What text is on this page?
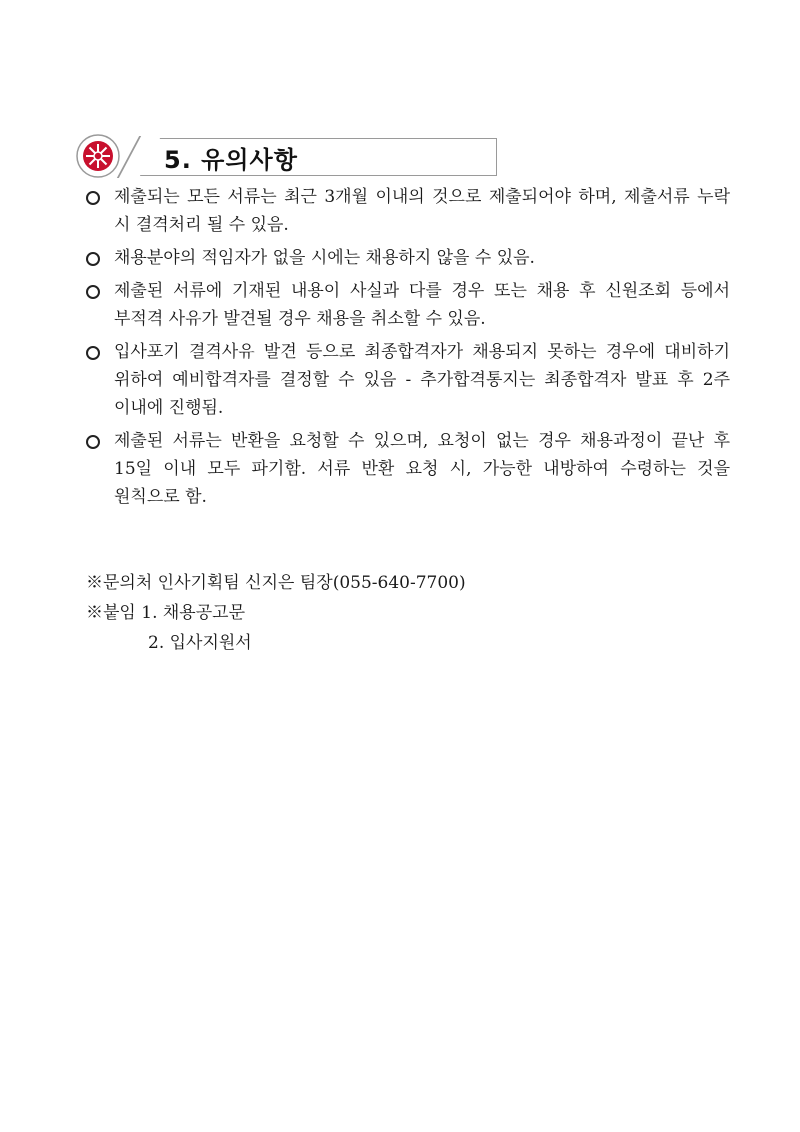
5. 유의사항
제출되는 모든 서류는 최근 3개월 이내의 것으로 제출되어야 하며, 제출서류 누락 시 결격처리 될 수 있음.
채용분야의 적임자가 없을 시에는 채용하지 않을 수 있음.
제출된 서류에 기재된 내용이 사실과 다를 경우 또는 채용 후 신원조회 등에서 부적격 사유가 발견될 경우 채용을 취소할 수 있음.
입사포기 결격사유 발견 등으로 최종합격자가 채용되지 못하는 경우에 대비하기 위하여 예비합격자를 결정할 수 있음 - 추가합격통지는 최종합격자 발표 후 2주 이내에 진행됨.
제출된 서류는 반환을 요청할 수 있으며, 요청이 없는 경우 채용과정이 끝난 후 15일 이내 모두 파기함. 서류 반환 요청 시, 가능한 내방하여 수령하는 것을 원칙으로 함.
※문의처 인사기획팀 신지은 팀장(055-640-7700)
※붙임 1. 채용공고문
2. 입사지원서
